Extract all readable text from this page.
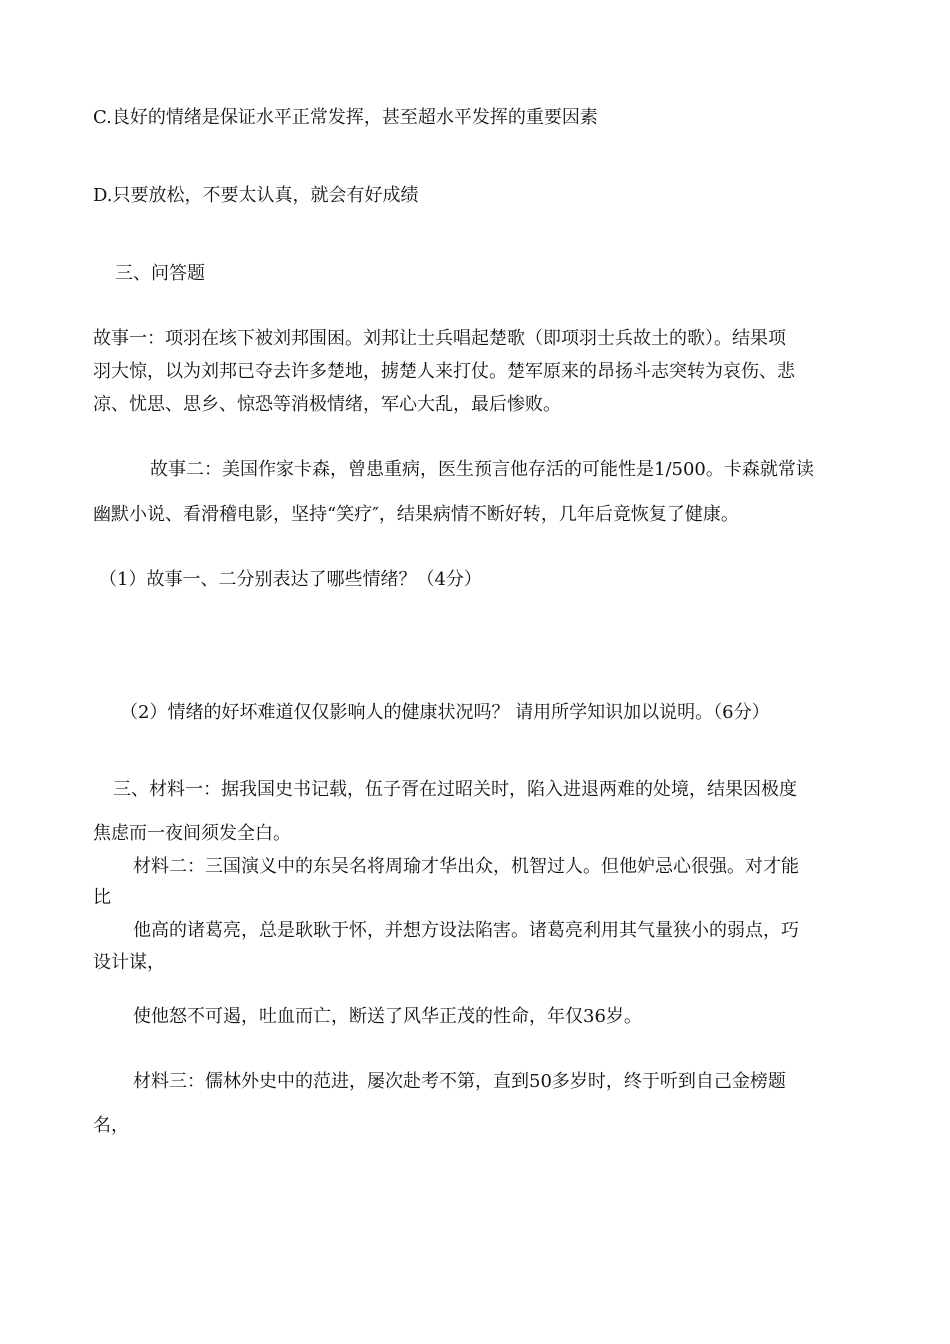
C.良好的情绪是保证水平正常发挥，甚至超水平发挥的重要因素
D.只要放松，不要太认真，就会有好成绩
三、问答题
故事一：项羽在垓下被刘邦围困。刘邦让士兵唱起楚歌（即项羽士兵故土的歌）。结果项
羽大惊，以为刘邦已夺去许多楚地，掳楚人来打仗。楚军原来的昂扬斗志突转为哀伤、悲
凉、忧思、思乡、惊恐等消极情绪，军心大乱，最后惨败。
故事二：美国作家卡森，曾患重病，医生预言他存活的可能性是1/500。卡森就常读
幽默小说、看滑稽电影，坚持“笑疗″，结果病情不断好转，几年后竟恢复了健康。
（1）故事一、二分别表达了哪些情绪？（4分）
（2）情绪的好坏难道仅仅影响人的健康状况吗？ 请用所学知识加以说明。（6分）
三、材料一：据我国史书记载，伍子胥在过昭关时，陷入进退两难的处境，结果因极度
焦虑而一夜间须发全白。
材料二：三国演义中的东吴名将周瑜才华出众，机智过人。但他妒忌心很强。对才能
比
他高的诸葛亮，总是耿耿于怀，并想方设法陷害。诸葛亮利用其气量狭小的弱点，巧
设计谋，
使他怒不可遏，吐血而亡，断送了风华正茂的性命，年仅36岁。
材料三：儒林外史中的范进，屡次赴考不第，直到50多岁时，终于听到自己金榜题
名，
